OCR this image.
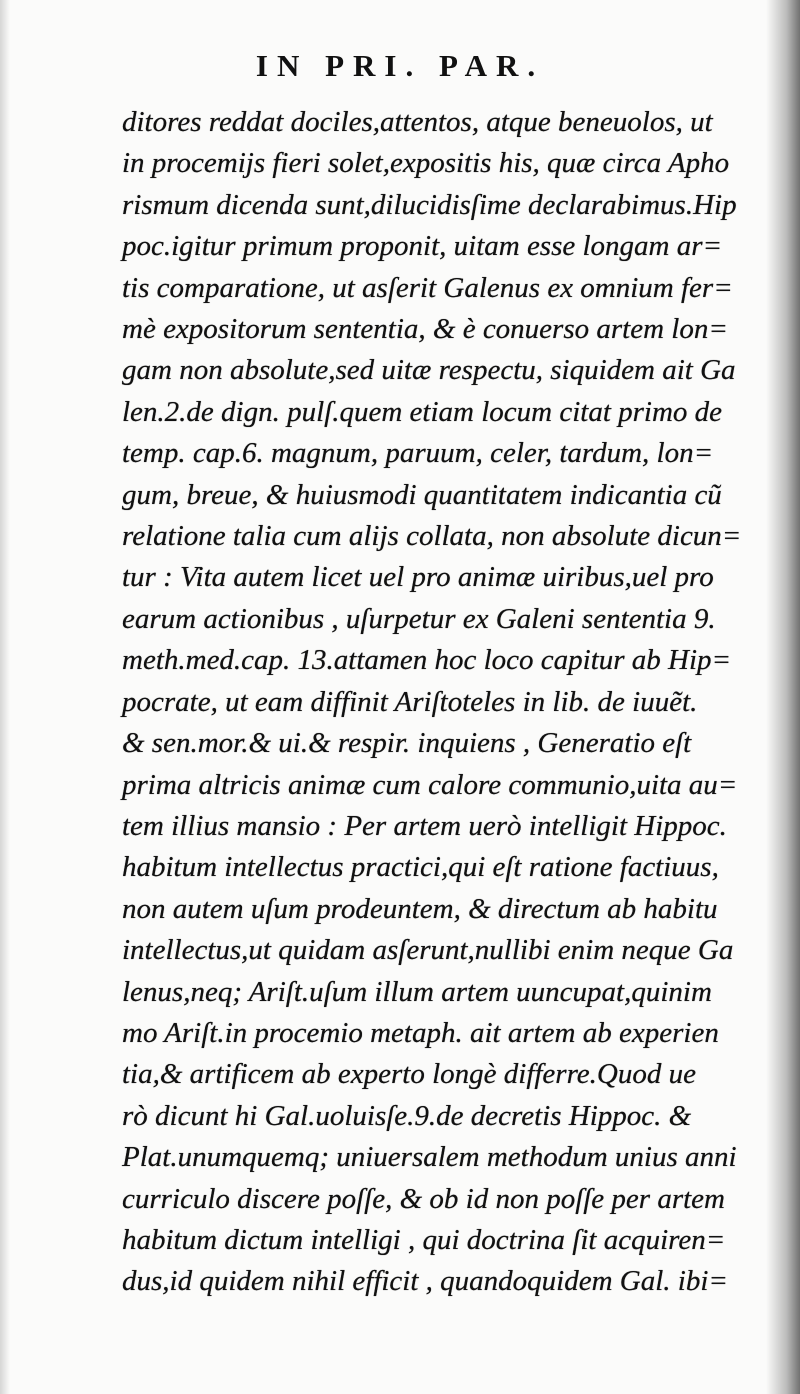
IN PRI. PAR.
ditores reddat dociles,attentos, atque beneuolos, ut
in procemijs fieri solet,expositis his, quæ circa Apho
rismum dicenda sunt,dilucidisſime declarabimus.Hip
poc.igitur primum proponit, uitam esse longam ar=
tis comparatione, ut asſerit Galenus ex omnium fer=
mè expositorum sententia, & è conuerso artem lon=
gam non absolute,sed uitæ respectu, siquidem ait Ga
len.2.de dign. pulſ.quem etiam locum citat primo de
temp. cap.6. magnum, paruum, celer, tardum, lon=
gum, breue, & huiusmodi quantitatem indicantia cũ
relatione talia cum alijs collata, non absolute dicun=
tur : Vita autem licet uel pro animæ uiribus,uel pro
earum actionibus , uſurpetur ex Galeni sententia 9.
meth.med.cap. 13.attamen hoc loco capitur ab Hip=
pocrate, ut eam diffinit Ariſtoteles in lib. de iuuẽt.
& sen.mor.& ui.& respir. inquiens , Generatio eſt
prima altricis animæ cum calore communio,uita au=
tem illius mansio : Per artem uerò intelligit Hippoc.
habitum intellectus practici,qui eſt ratione factiuus,
non autem uſum prodeuntem, & directum ab habitu
intellectus,ut quidam asſerunt,nullibi enim neque Ga
lenus,neq; Ariſt.uſum illum artem uuncupat,quinim
mo Ariſt.in procemio metaph. ait artem ab experien
tia,& artificem ab experto longè differre.Quod ue
rò dicunt hi Gal.uoluisſe.9.de decretis Hippoc. &
Plat.unumquemq; uniuersalem methodum unius anni
curriculo discere poſſe, & ob id non poſſe per artem
habitum dictum intelligi , qui doctrina ſit acquiren=
dus,id quidem nihil efficit , quandoquidem Gal. ibi=
